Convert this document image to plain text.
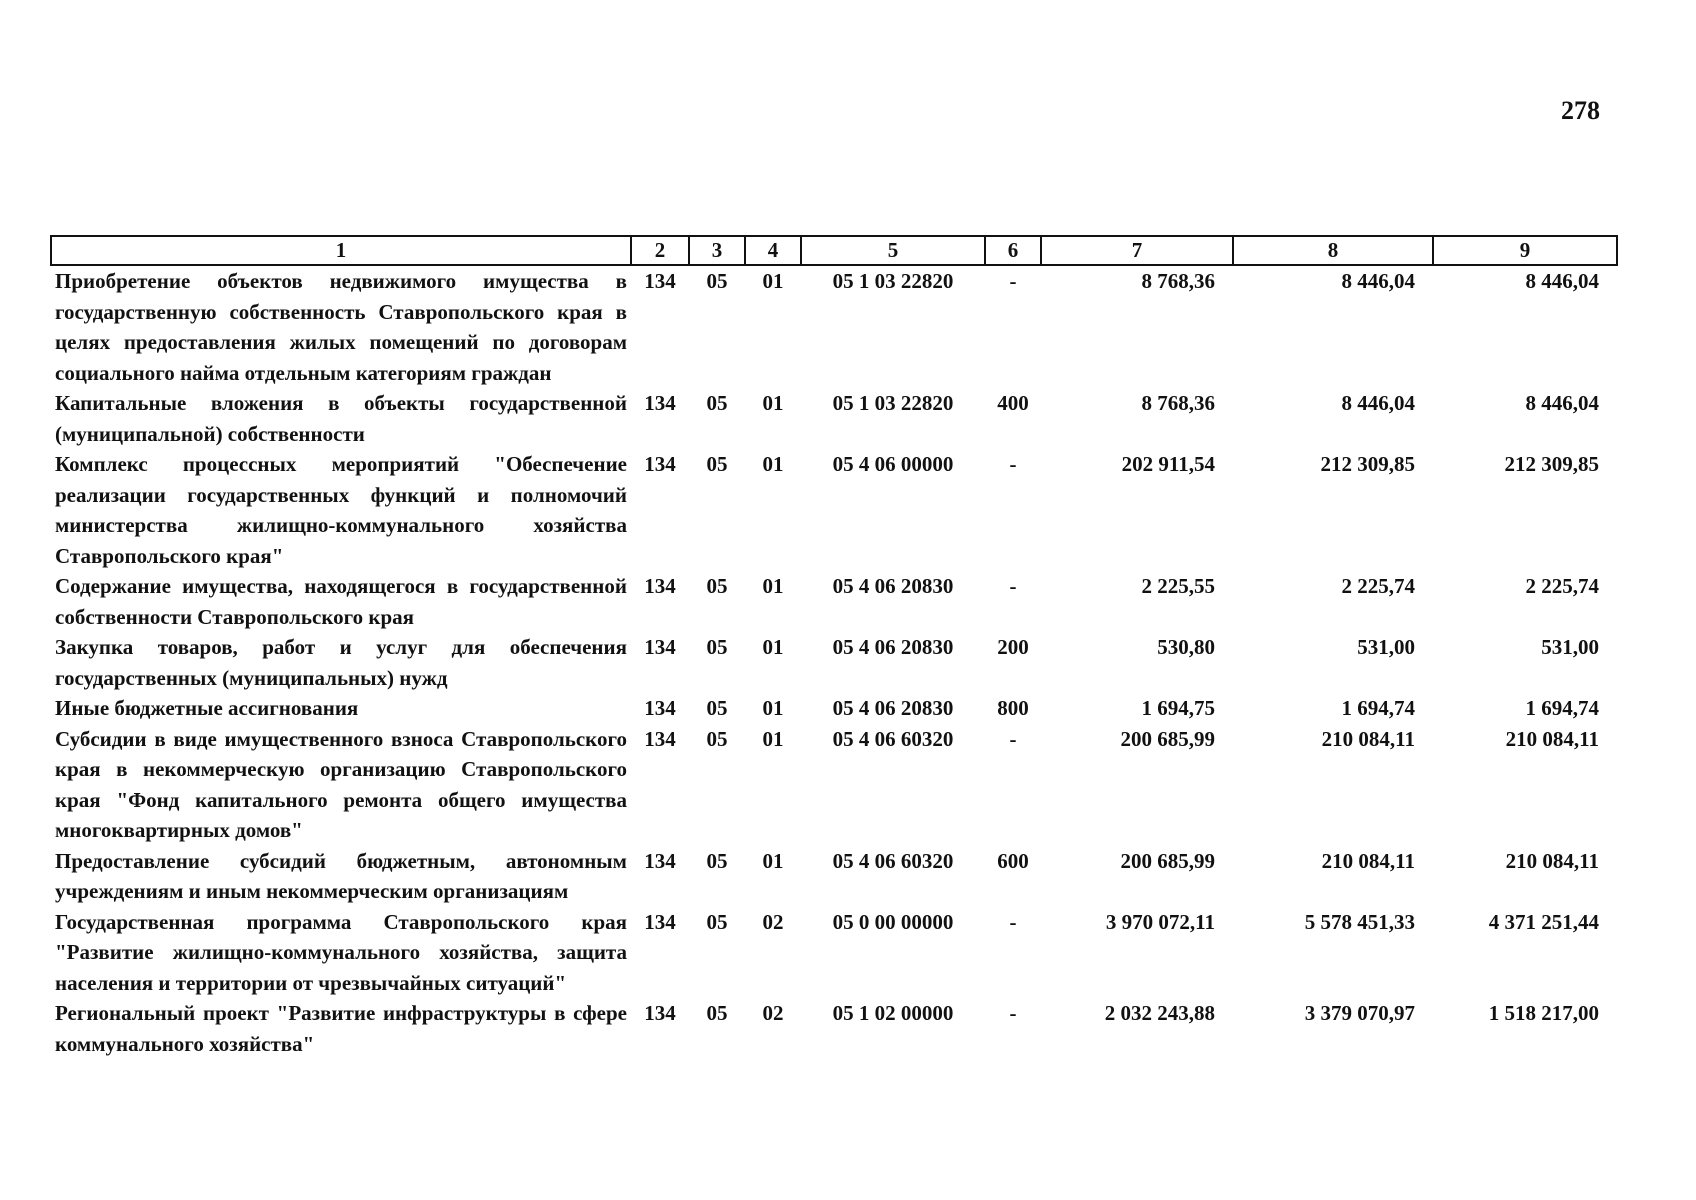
278
1	2	3	4	5	6	7	8	9
Приобретение объектов недвижимого имущества в государственную собственность Ставропольского края в целях предоставления жилых помещений по договорам социального найма отдельным категориям граждан	134	05	01	05 1 03 22820	-	8 768,36	8 446,04	8 446,04
Капитальные вложения в объекты государственной (муниципальной) собственности	134	05	01	05 1 03 22820	400	8 768,36	8 446,04	8 446,04
Комплекс процессных мероприятий "Обеспечение реализации государственных функций и полномочий министерства жилищно-коммунального хозяйства Ставропольского края"	134	05	01	05 4 06 00000	-	202 911,54	212 309,85	212 309,85
Содержание имущества, находящегося в государственной собственности Ставропольского края	134	05	01	05 4 06 20830	-	2 225,55	2 225,74	2 225,74
Закупка товаров, работ и услуг для обеспечения государственных (муниципальных) нужд	134	05	01	05 4 06 20830	200	530,80	531,00	531,00
Иные бюджетные ассигнования	134	05	01	05 4 06 20830	800	1 694,75	1 694,74	1 694,74
Субсидии в виде имущественного взноса Ставропольского края в некоммерческую организацию Ставропольского края "Фонд капитального ремонта общего имущества многоквартирных домов"	134	05	01	05 4 06 60320	-	200 685,99	210 084,11	210 084,11
Предоставление субсидий бюджетным, автономным учреждениям и иным некоммерческим организациям	134	05	01	05 4 06 60320	600	200 685,99	210 084,11	210 084,11
Государственная программа Ставропольского края "Развитие жилищно-коммунального хозяйства, защита населения и территории от чрезвычайных ситуаций"	134	05	02	05 0 00 00000	-	3 970 072,11	5 578 451,33	4 371 251,44
Региональный проект "Развитие инфраструктуры в сфере коммунального хозяйства"	134	05	02	05 1 02 00000	-	2 032 243,88	3 379 070,97	1 518 217,00
